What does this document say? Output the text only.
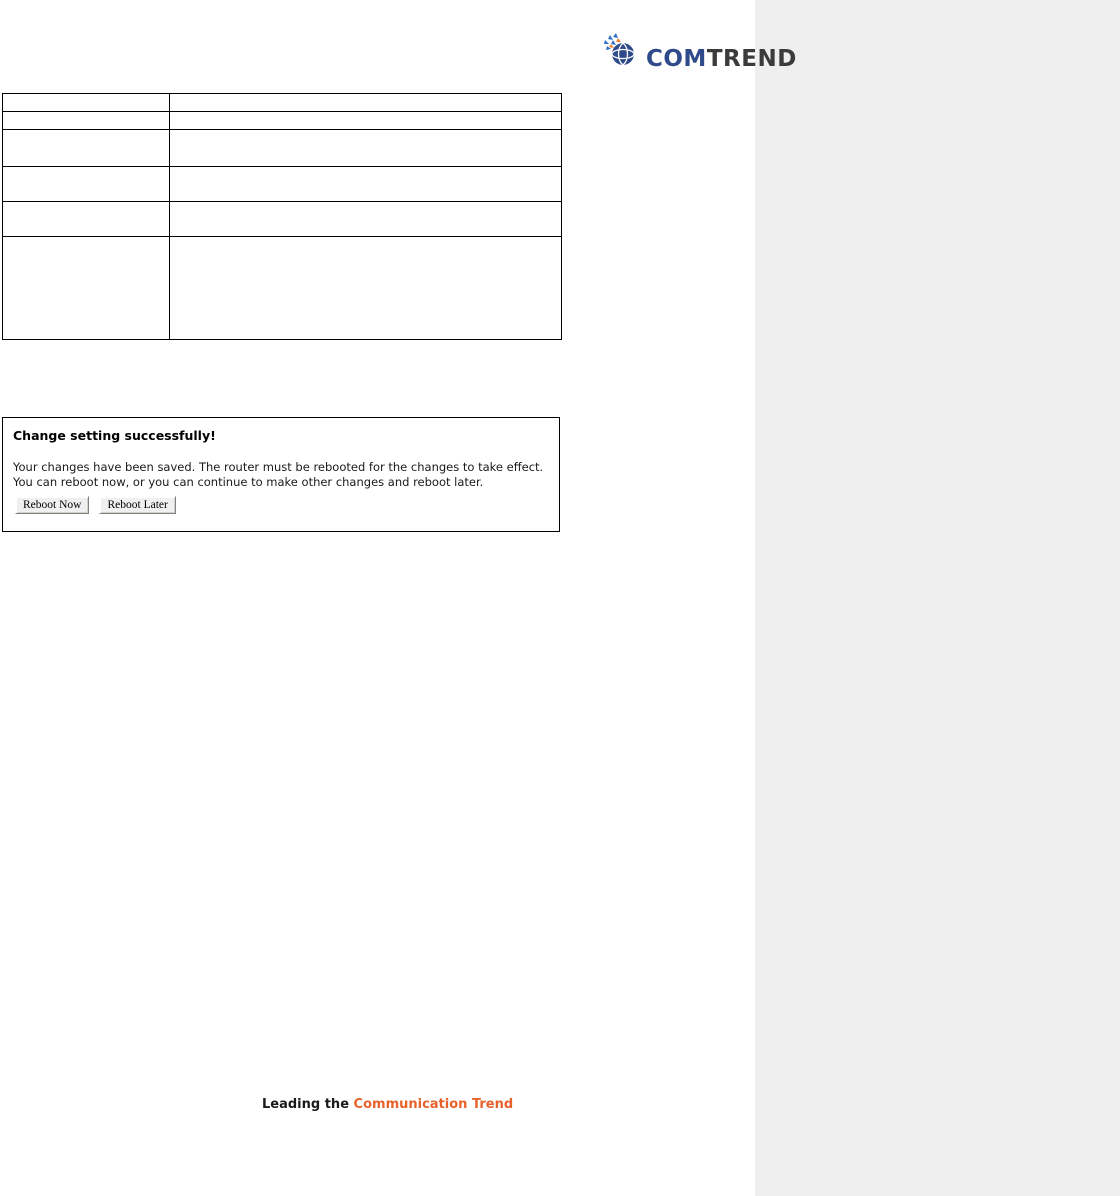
COMTREND

Change setting successfully!
Your changes have been saved. The router must be rebooted for the changes to take effect.
You can reboot now, or you can continue to make other changes and reboot later.
Reboot Now	Reboot Later
Leading the Communication Trend
